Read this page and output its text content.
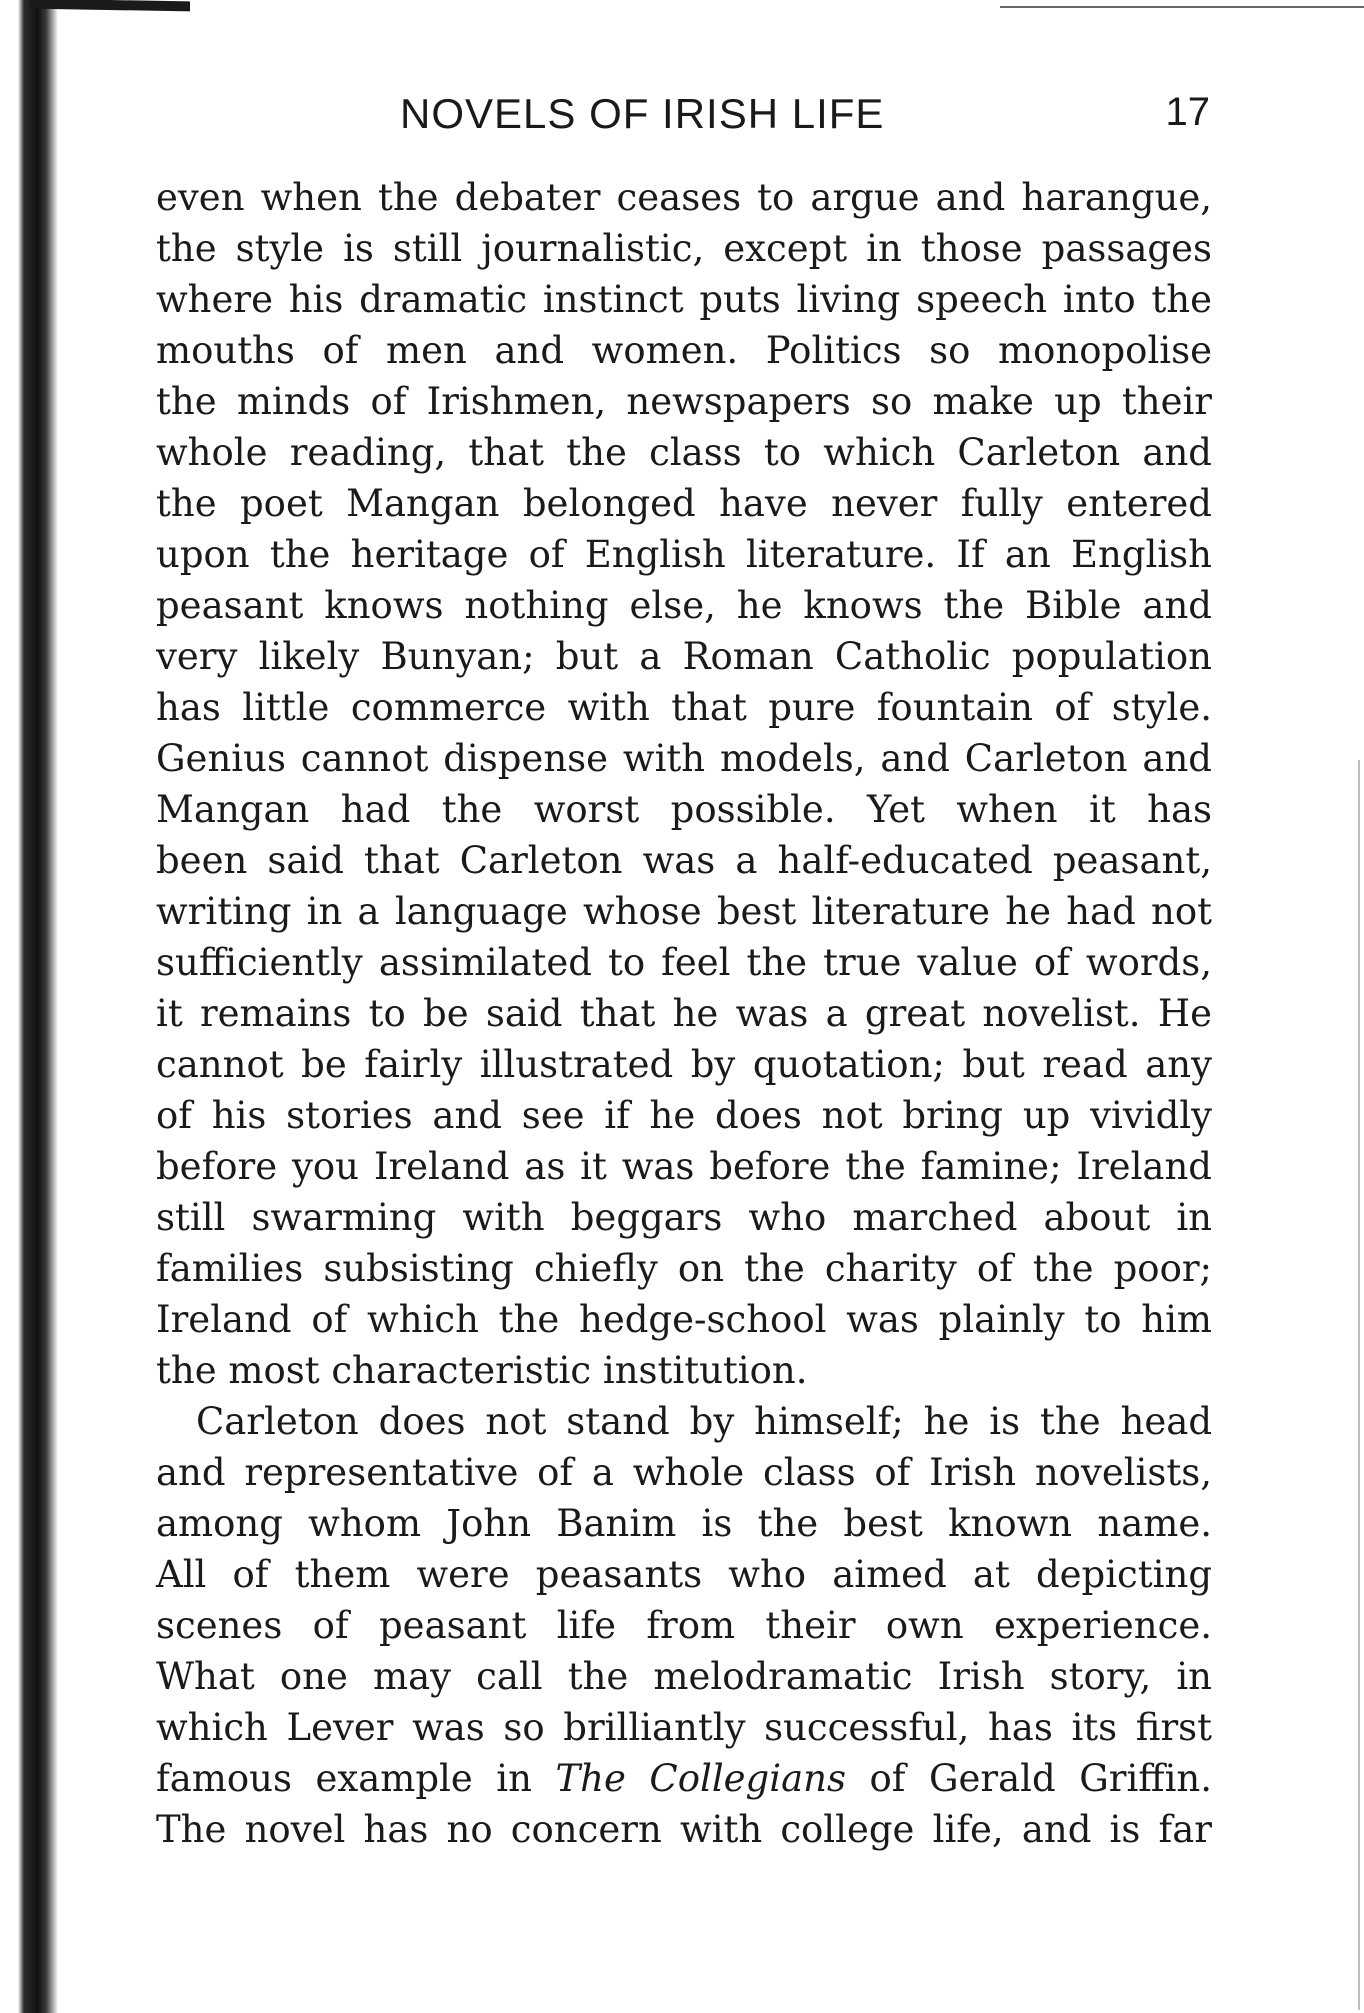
NOVELS OF IRISH LIFE	17
even when the debater ceases to argue and harangue,
the style is still journalistic, except in those passages
where his dramatic instinct puts living speech into the
mouths of men and women. Politics so monopolise
the minds of Irishmen, newspapers so make up their
whole reading, that the class to which Carleton and
the poet Mangan belonged have never fully entered
upon the heritage of English literature. If an English
peasant knows nothing else, he knows the Bible and
very likely Bunyan; but a Roman Catholic population
has little commerce with that pure fountain of style.
Genius cannot dispense with models, and Carleton and
Mangan had the worst possible. Yet when it has
been said that Carleton was a half-educated peasant,
writing in a language whose best literature he had not
sufficiently assimilated to feel the true value of words,
it remains to be said that he was a great novelist. He
cannot be fairly illustrated by quotation; but read any
of his stories and see if he does not bring up vividly
before you Ireland as it was before the famine; Ireland
still swarming with beggars who marched about in
families subsisting chiefly on the charity of the poor;
Ireland of which the hedge-school was plainly to him
the most characteristic institution.
Carleton does not stand by himself; he is the head
and representative of a whole class of Irish novelists,
among whom John Banim is the best known name.
All of them were peasants who aimed at depicting
scenes of peasant life from their own experience.
What one may call the melodramatic Irish story, in
which Lever was so brilliantly successful, has its first
famous example in The Collegians of Gerald Griffin.
The novel has no concern with college life, and is far
